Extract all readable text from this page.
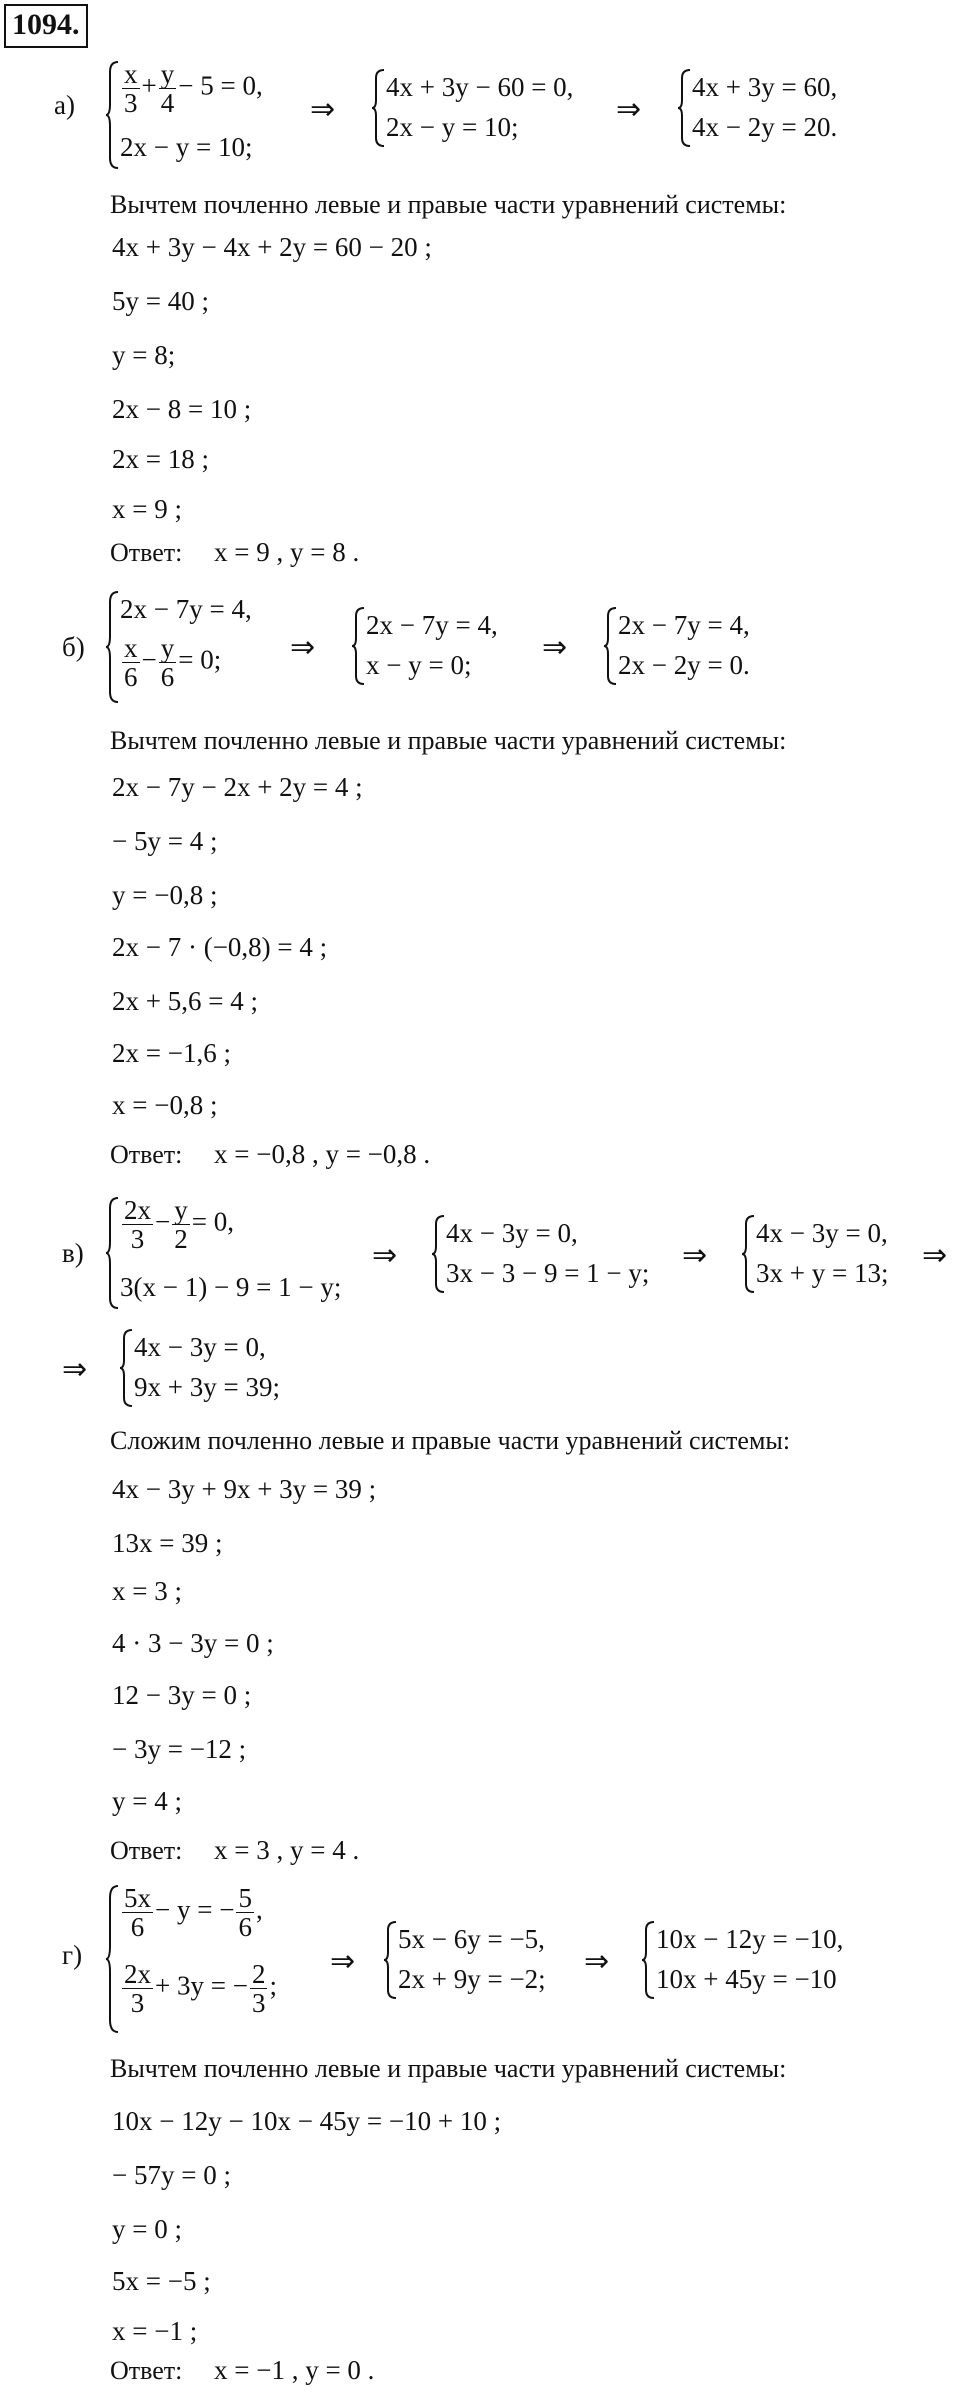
1094.
$а) \frac{x}{3} + \frac{y}{4} - 5 = 0$,
2x − y = 10;
⇒
4x + 3y − 60 = 0,
2x − y = 10;	⇒
4x + 3y = 60,
4x − 2y = 20.
Вычтем почленно левые и правые части уравнений системы:
4x + 3y − 4x + 2y = 60 − 20 ;
5y = 40 ;
y = 8;
2x − 8 = 10 ;
2x = 18 ;
x = 9 ;
Ответ: x = 9 , y = 8 .
б)
2x − 7y = 4,
$\frac{x}{6} - \frac{y}{6} = 0$; ⇒
2x − 7y = 4,
x − y = 0; ⇒
2x − 7y = 4,
2x − 2y = 0.
Вычтем почленно левые и правые части уравнений системы:
2x − 7y − 2x + 2y = 4 ;
− 5y = 4 ;
y = −0,8 ;
2x − 7 · (−0,8) = 4 ;
2x + 5,6 = 4 ;
2x = −1,6 ;
x = −0,8 ;
Ответ: x = −0,8 , y = −0,8 .
$в) \frac{2x}{3} - \frac{y}{2} = 0$,
3(x − 1) − 9 = 1 − y;
⇒
4x − 3y = 0,
3x − 3 − 9 = 1 − y; ⇒
4x − 3y = 0,
3x + y = 13; ⇒
⇒
4x − 3y = 0,
9x + 3y = 39;
Сложим почленно левые и правые части уравнений системы:
4x − 3y + 9x + 3y = 39 ;
13x = 39 ;
x = 3 ;
4 · 3 − 3y = 0 ;
12 − 3y = 0 ;
− 3y = −12 ;
y = 4 ;
Ответ: x = 3 , y = 4 .
г)
$\frac{5x}{6} - y$ = − $\frac{5}{6}$ ,
$\frac{2x}{3} + 3y$ = − $\frac{2}{3}$ ;
⇒
5x − 6y = −5,
2x + 9y = −2; ⇒
10x − 12y = −10,
10x + 45y = −10
Вычтем почленно левые и правые части уравнений системы:
10x − 12y − 10x − 45y = −10 + 10 ;
− 57y = 0 ;
y = 0 ;
5x = −5 ;
x = −1 ;
Ответ: x = −1 , y = 0 .
